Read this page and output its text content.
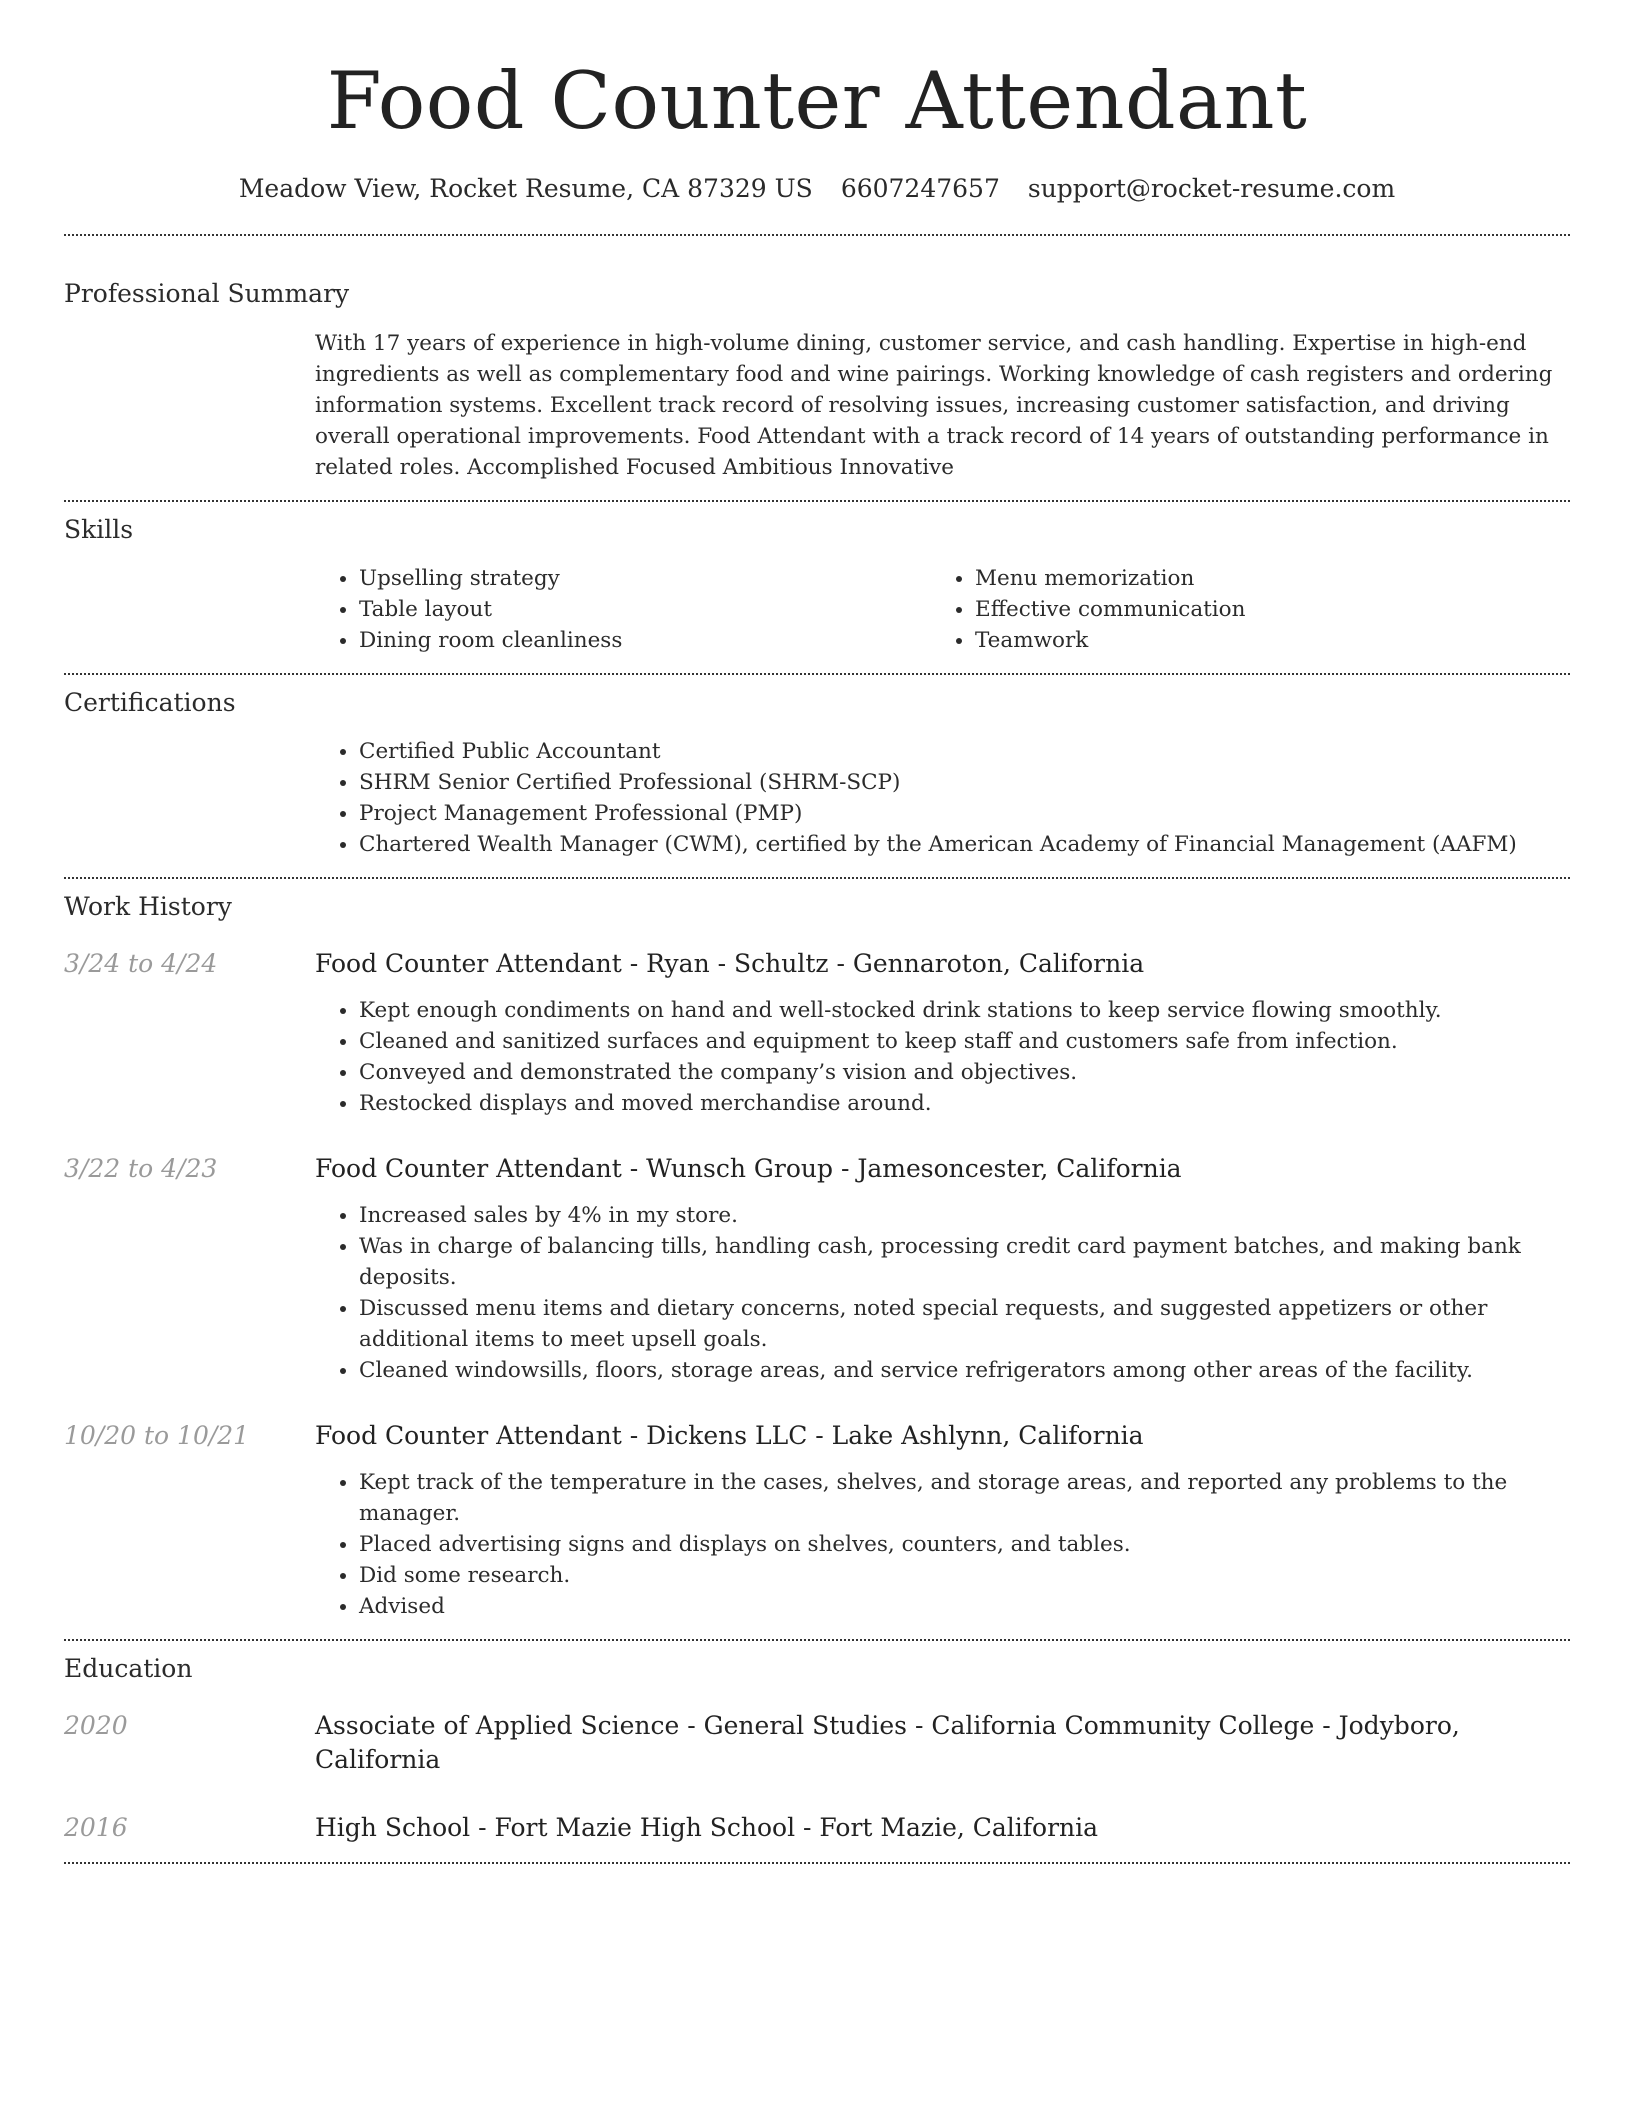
Food Counter Attendant
Meadow View, Rocket Resume, CA 87329 US 6607247657 support@rocket-resume.com
Professional Summary
With 17 years of experience in high-volume dining, customer service, and cash handling. Expertise in high-end ingredients as well as complementary food and wine pairings. Working knowledge of cash registers and ordering information systems. Excellent track record of resolving issues, increasing customer satisfaction, and driving overall operational improvements. Food Attendant with a track record of 14 years of outstanding performance in related roles. Accomplished Focused Ambitious Innovative
Skills
• Upselling strategy
• Table layout
• Dining room cleanliness
• Menu memorization
• Effective communication
• Teamwork
Certifications
• Certified Public Accountant
• SHRM Senior Certified Professional (SHRM-SCP)
• Project Management Professional (PMP)
• Chartered Wealth Manager (CWM), certified by the American Academy of Financial Management (AAFM)
Work History
3/24 to 4/24	Food Counter Attendant - Ryan - Schultz - Gennaroton, California
• Kept enough condiments on hand and well-stocked drink stations to keep service flowing smoothly.
• Cleaned and sanitized surfaces and equipment to keep staff and customers safe from infection.
• Conveyed and demonstrated the company’s vision and objectives.
• Restocked displays and moved merchandise around.
3/22 to 4/23	Food Counter Attendant - Wunsch Group - Jamesoncester, California
• Increased sales by 4% in my store.
• Was in charge of balancing tills, handling cash, processing credit card payment batches, and making bank deposits.
• Discussed menu items and dietary concerns, noted special requests, and suggested appetizers or other additional items to meet upsell goals.
• Cleaned windowsills, floors, storage areas, and service refrigerators among other areas of the facility.
10/20 to 10/21	Food Counter Attendant - Dickens LLC - Lake Ashlynn, California
• Kept track of the temperature in the cases, shelves, and storage areas, and reported any problems to the manager.
• Placed advertising signs and displays on shelves, counters, and tables.
• Did some research.
• Advised
Education
2020	Associate of Applied Science - General Studies - California Community College - Jodyboro, California
2016	High School - Fort Mazie High School - Fort Mazie, California
